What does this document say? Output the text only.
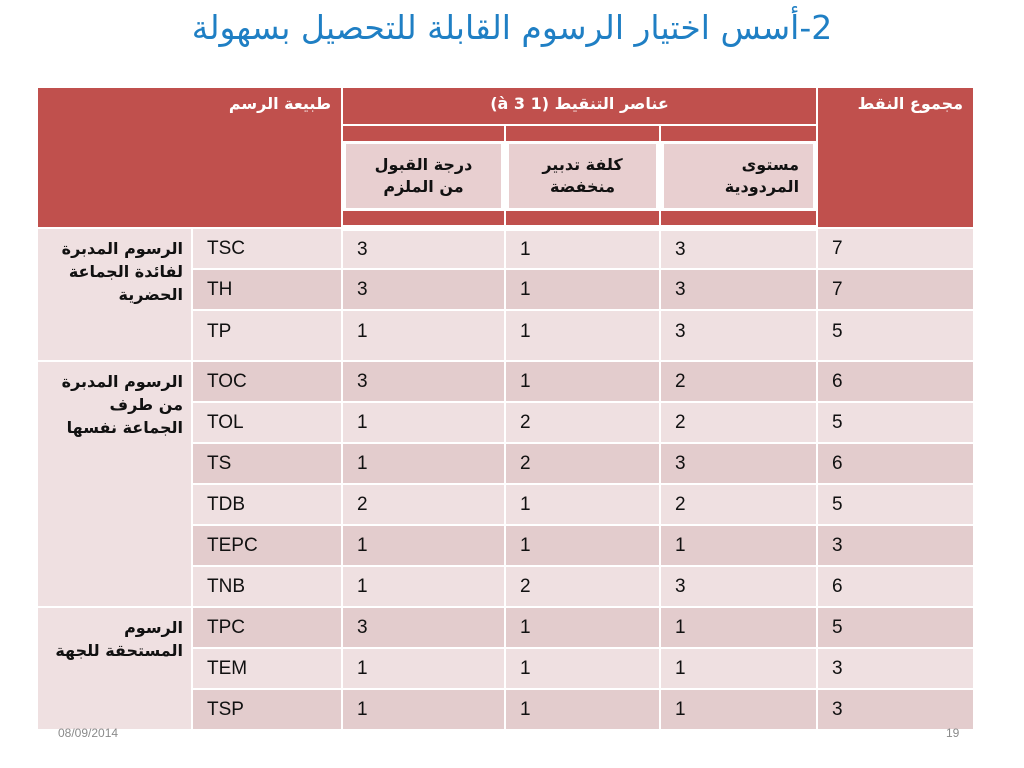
2-أسس اختيار الرسوم القابلة للتحصيل بسهولة
طبيعة الرسم		عناصر التنقيط (1 à 3)			مجموع النقط

		درجة القبول من الملزم	كلفة تدبير منخفضة	مستوى المردودية	

الرسوم المدبرة لفائدة الجماعة الحضرية	TSC	3	1	3	7
	TH	3	1	3	7
	TP	1	1	3	5
الرسوم المدبرة من طرف الجماعة نفسها	TOC	3	1	2	6
	TOL	1	2	2	5
	TS	1	2	3	6
	TDB	2	1	2	5
	TEPC	1	1	1	3
	TNB	1	2	3	6
الرسوم المستحقة للجهة	TPC	3	1	1	5
	TEM	1	1	1	3
	TSP	1	1	1	3
08/09/2014	19
